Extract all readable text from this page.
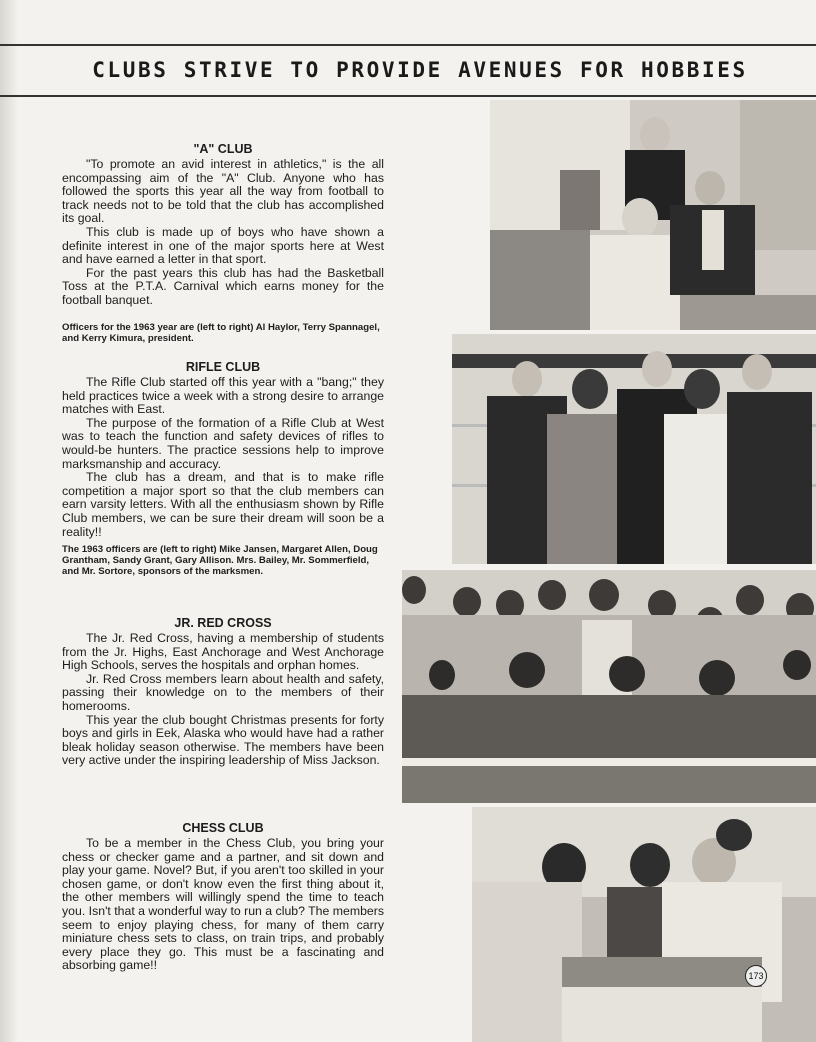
CLUBS STRIVE TO PROVIDE AVENUES FOR HOBBIES
"A" CLUB

"To promote an avid interest in athletics," is the all encompassing aim of the "A" Club. Anyone who has followed the sports this year all the way from football to track needs not to be told that the club has accomplished its goal.

This club is made up of boys who have shown a definite interest in one of the major sports here at West and have earned a letter in that sport.

For the past years this club has had the Basketball Toss at the P.T.A. Carnival which earns money for the football banquet.

Officers for the 1963 year are (left to right) Al Haylor, Terry Spannagel, and Kerry Kimura, president.

RIFLE CLUB

The Rifle Club started off this year with a "bang;" they held practices twice a week with a strong desire to arrange matches with East.

The purpose of the formation of a Rifle Club at West was to teach the function and safety devices of rifles to would-be hunters. The practice sessions help to improve marksmanship and accuracy.

The club has a dream, and that is to make rifle competition a major sport so that the club members can earn varsity letters. With all the enthusiasm shown by Rifle Club members, we can be sure their dream will soon be a reality!!

The 1963 officers are (left to right) Mike Jansen, Margaret Allen, Doug Grantham, Sandy Grant, Gary Allison. Mrs. Bailey, Mr. Sommerfield, and Mr. Sortore, sponsors of the marksmen.

JR. RED CROSS

The Jr. Red Cross, having a membership of students from the Jr. Highs, East Anchorage and West Anchorage High Schools, serves the hospitals and orphan homes.

Jr. Red Cross members learn about health and safety, passing their knowledge on to the members of their homerooms.

This year the club bought Christmas presents for forty boys and girls in Eek, Alaska who would have had a rather bleak holiday season otherwise. The members have been very active under the inspiring leadership of Miss Jackson.

CHESS CLUB

To be a member in the Chess Club, you bring your chess or checker game and a partner, and sit down and play your game. Novel? But, if you aren't too skilled in your chosen game, or don't know even the first thing about it, the other members will willingly spend the time to teach you. Isn't that a wonderful way to run a club? The members seem to enjoy playing chess, for many of them carry miniature chess sets to class, on train trips, and probably every place they go. This must be a fascinating and absorbing game!!

173
